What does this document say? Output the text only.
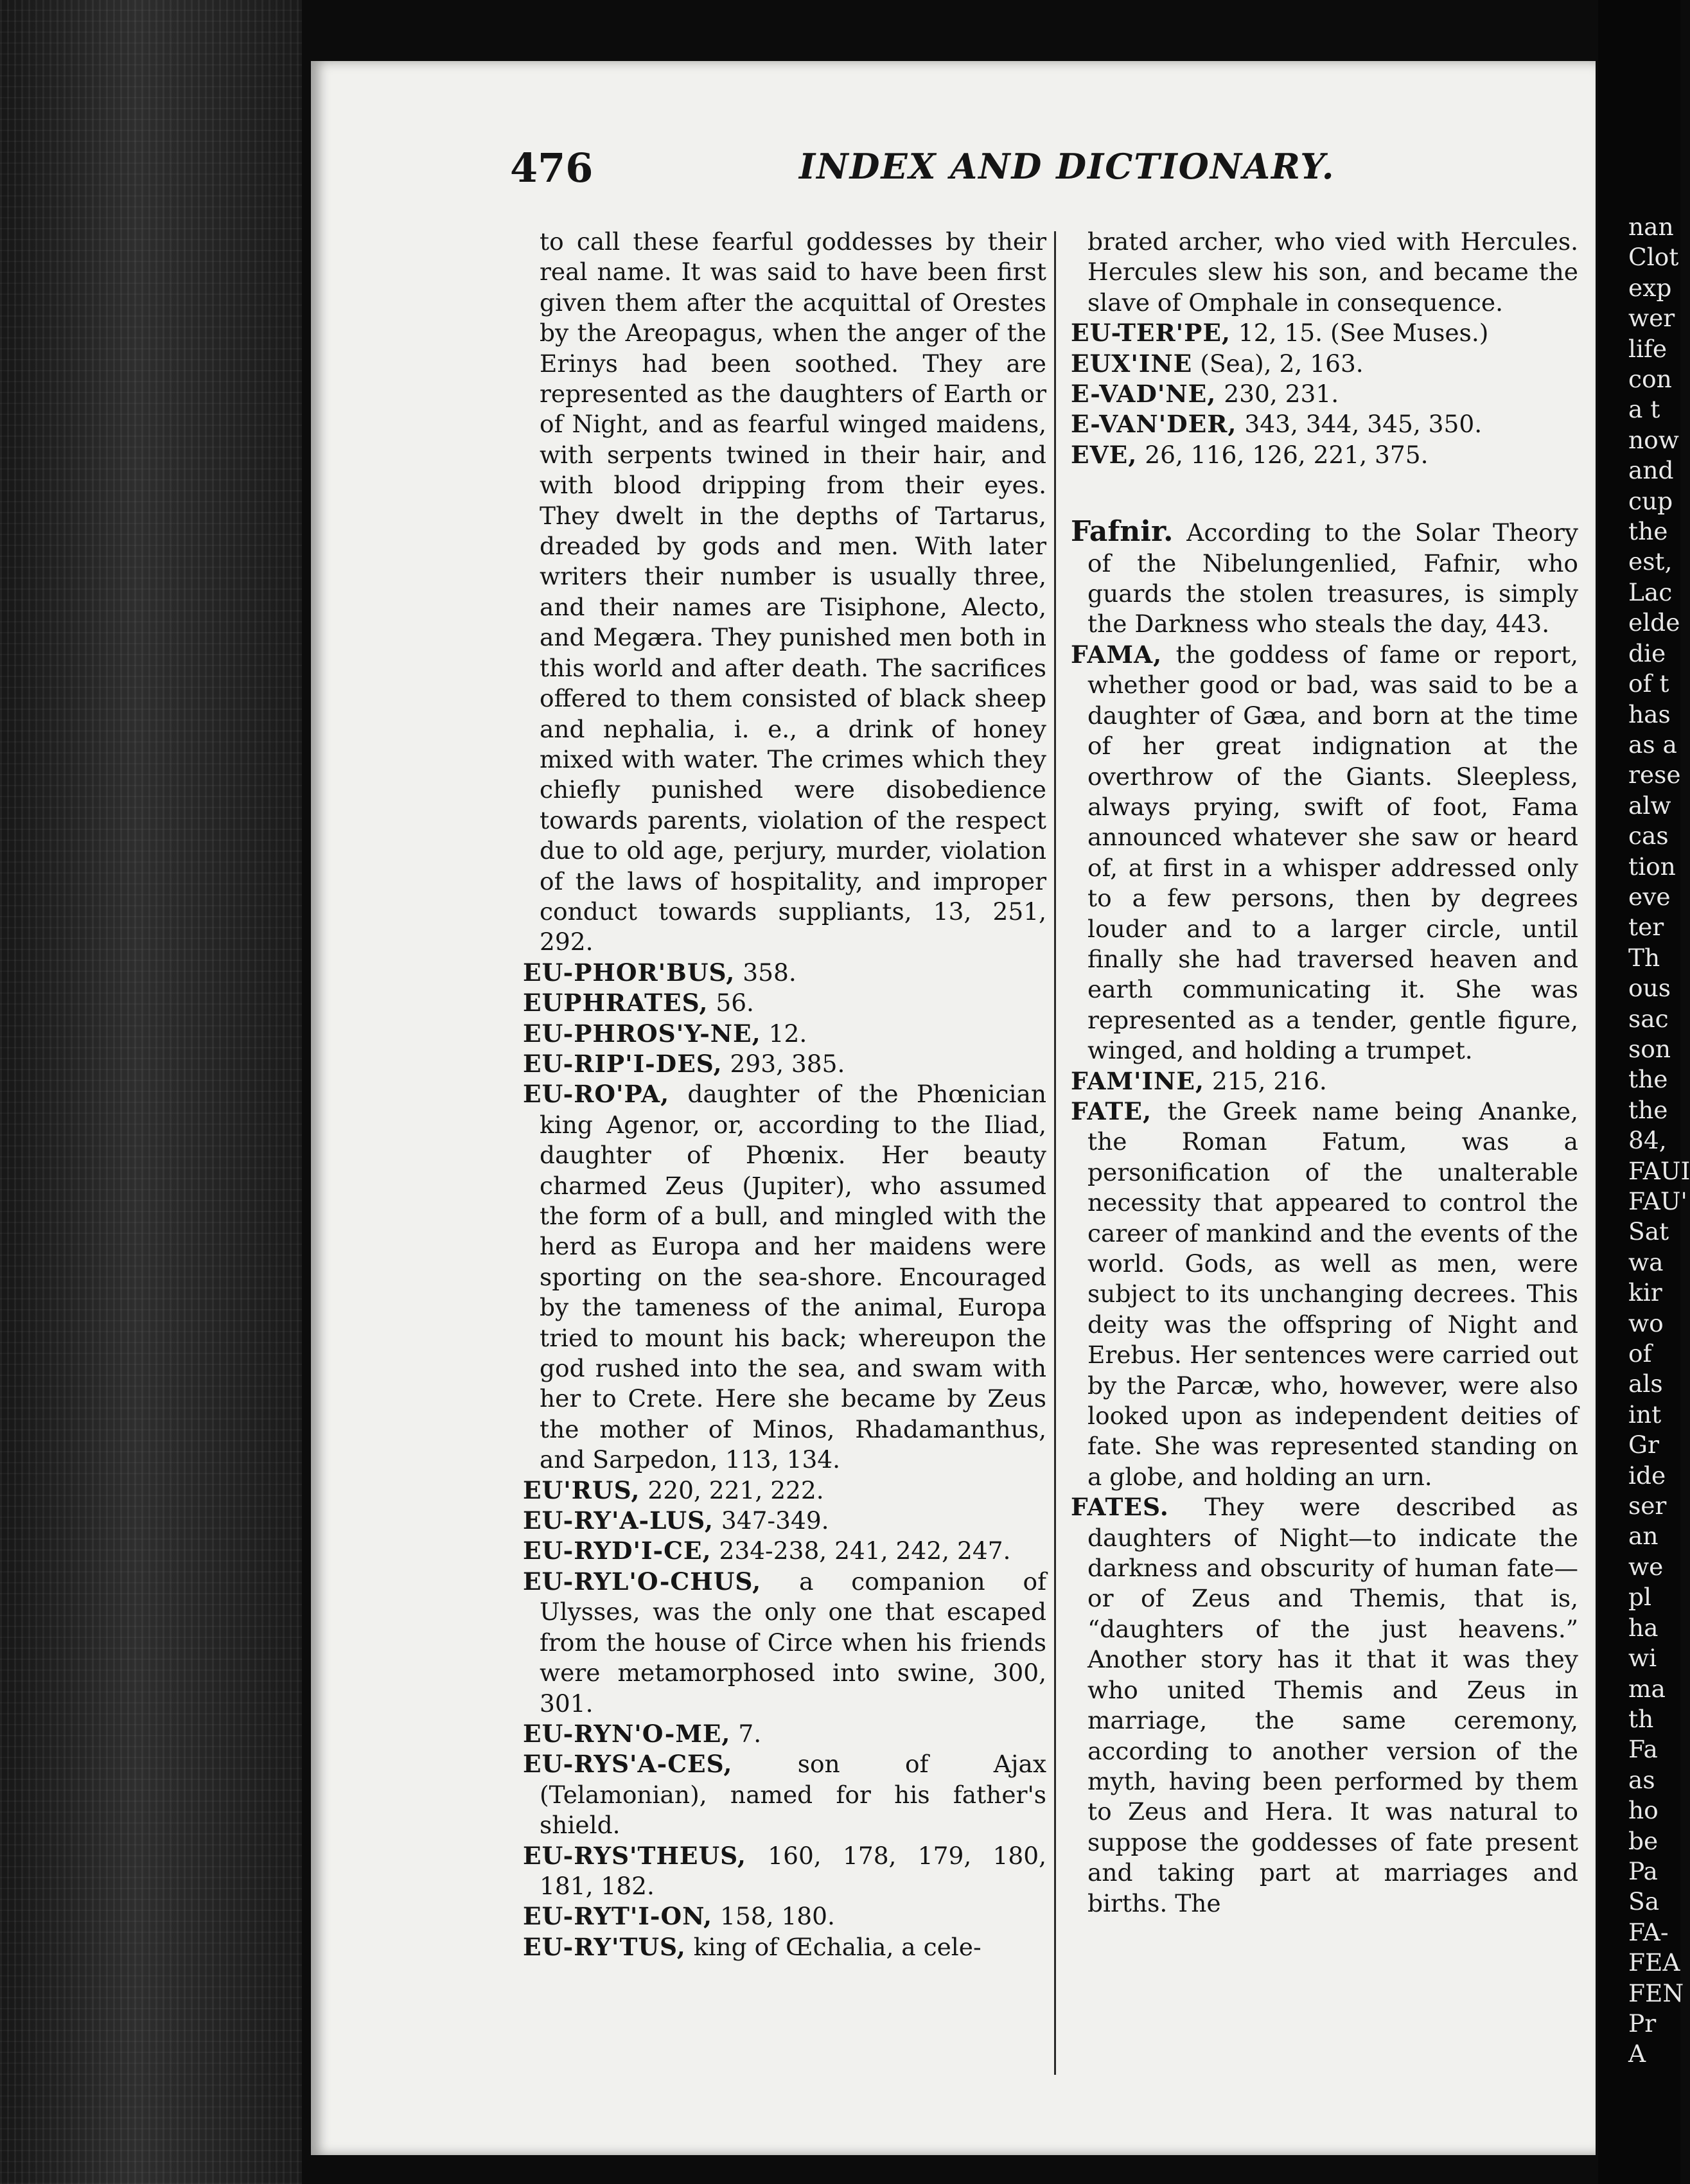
476	INDEX AND DICTIONARY.

to call these fearful goddesses by their real name. It was said to have been first given them after the acquittal of Orestes by the Areopagus, when the anger of the Erinys had been soothed. They are represented as the daughters of Earth or of Night, and as fearful winged maidens, with serpents twined in their hair, and with blood dripping from their eyes. They dwelt in the depths of Tartarus, dreaded by gods and men. With later writers their number is usually three, and their names are Tisiphone, Alecto, and Megæra. They punished men both in this world and after death. The sacrifices offered to them consisted of black sheep and nephalia, i. e., a drink of honey mixed with water. The crimes which they chiefly punished were disobedience towards parents, violation of the respect due to old age, perjury, murder, violation of the laws of hospitality, and improper conduct towards suppliants, 13, 251, 292.

EU-PHOR'BUS, 358.

EUPHRATES, 56.

EU-PHROS'Y-NE, 12.

EU-RIP'I-DES, 293, 385.

EU-RO'PA, daughter of the Phœnician king Agenor, or, according to the Iliad, daughter of Phœnix. Her beauty charmed Zeus (Jupiter), who assumed the form of a bull, and mingled with the herd as Europa and her maidens were sporting on the sea-shore. Encouraged by the tameness of the animal, Europa tried to mount his back; whereupon the god rushed into the sea, and swam with her to Crete. Here she became by Zeus the mother of Minos, Rhadamanthus, and Sarpedon, 113, 134.

EU'RUS, 220, 221, 222.

EU-RY'A-LUS, 347-349.

EU-RYD'I-CE, 234-238, 241, 242, 247.

EU-RYL'O-CHUS, a companion of Ulysses, was the only one that escaped from the house of Circe when his friends were metamorphosed into swine, 300, 301.

EU-RYN'O-ME, 7.

EU-RYS'A-CES, son of Ajax (Telamonian), named for his father's shield.

EU-RYS'THEUS, 160, 178, 179, 180, 181, 182.

EU-RYT'I-ON, 158, 180.

EU-RY'TUS, king of Œchalia, a cele-

brated archer, who vied with Hercules. Hercules slew his son, and became the slave of Omphale in consequence.

EU-TER'PE, 12, 15. (See Muses.)

EUX'INE (Sea), 2, 163.

E-VAD'NE, 230, 231.

E-VAN'DER, 343, 344, 345, 350.

EVE, 26, 116, 126, 221, 375.

Fafnir. According to the Solar Theory of the Nibelungenlied, Fafnir, who guards the stolen treasures, is simply the Darkness who steals the day, 443.

FAMA, the goddess of fame or report, whether good or bad, was said to be a daughter of Gæa, and born at the time of her great indignation at the overthrow of the Giants. Sleepless, always prying, swift of foot, Fama announced whatever she saw or heard of, at first in a whisper addressed only to a few persons, then by degrees louder and to a larger circle, until finally she had traversed heaven and earth communicating it. She was represented as a tender, gentle figure, winged, and holding a trumpet.

FAM'INE, 215, 216.

FATE, the Greek name being Ananke, the Roman Fatum, was a personification of the unalterable necessity that appeared to control the career of mankind and the events of the world. Gods, as well as men, were subject to its unchanging decrees. This deity was the offspring of Night and Erebus. Her sentences were carried out by the Parcæ, who, however, were also looked upon as independent deities of fate. She was represented standing on a globe, and holding an urn.

FATES. They were described as daughters of Night—to indicate the darkness and obscurity of human fate—or of Zeus and Themis, that is, “daughters of the just heavens.” Another story has it that it was they who united Themis and Zeus in marriage, the same ceremony, according to another version of the myth, having been performed by them to Zeus and Hera. It was natural to suppose the goddesses of fate present and taking part at marriages and births. The

nan

Clot

exp

wer

life

con

a t

now

and

cup

the

est,

Lac

elde

die

of t

has

as a

rese

alw

cas

tion

eve

ter

Th

ous

sac

son

the

the

84,

FAUI

FAU'

Sat

wa

kir

wo

of

als

int

Gr

ide

ser

an

we

pl

ha

wi

ma

th

Fa

as

ho

be

Pa

Sa

FA-

FEA

FEN

Pr

A
